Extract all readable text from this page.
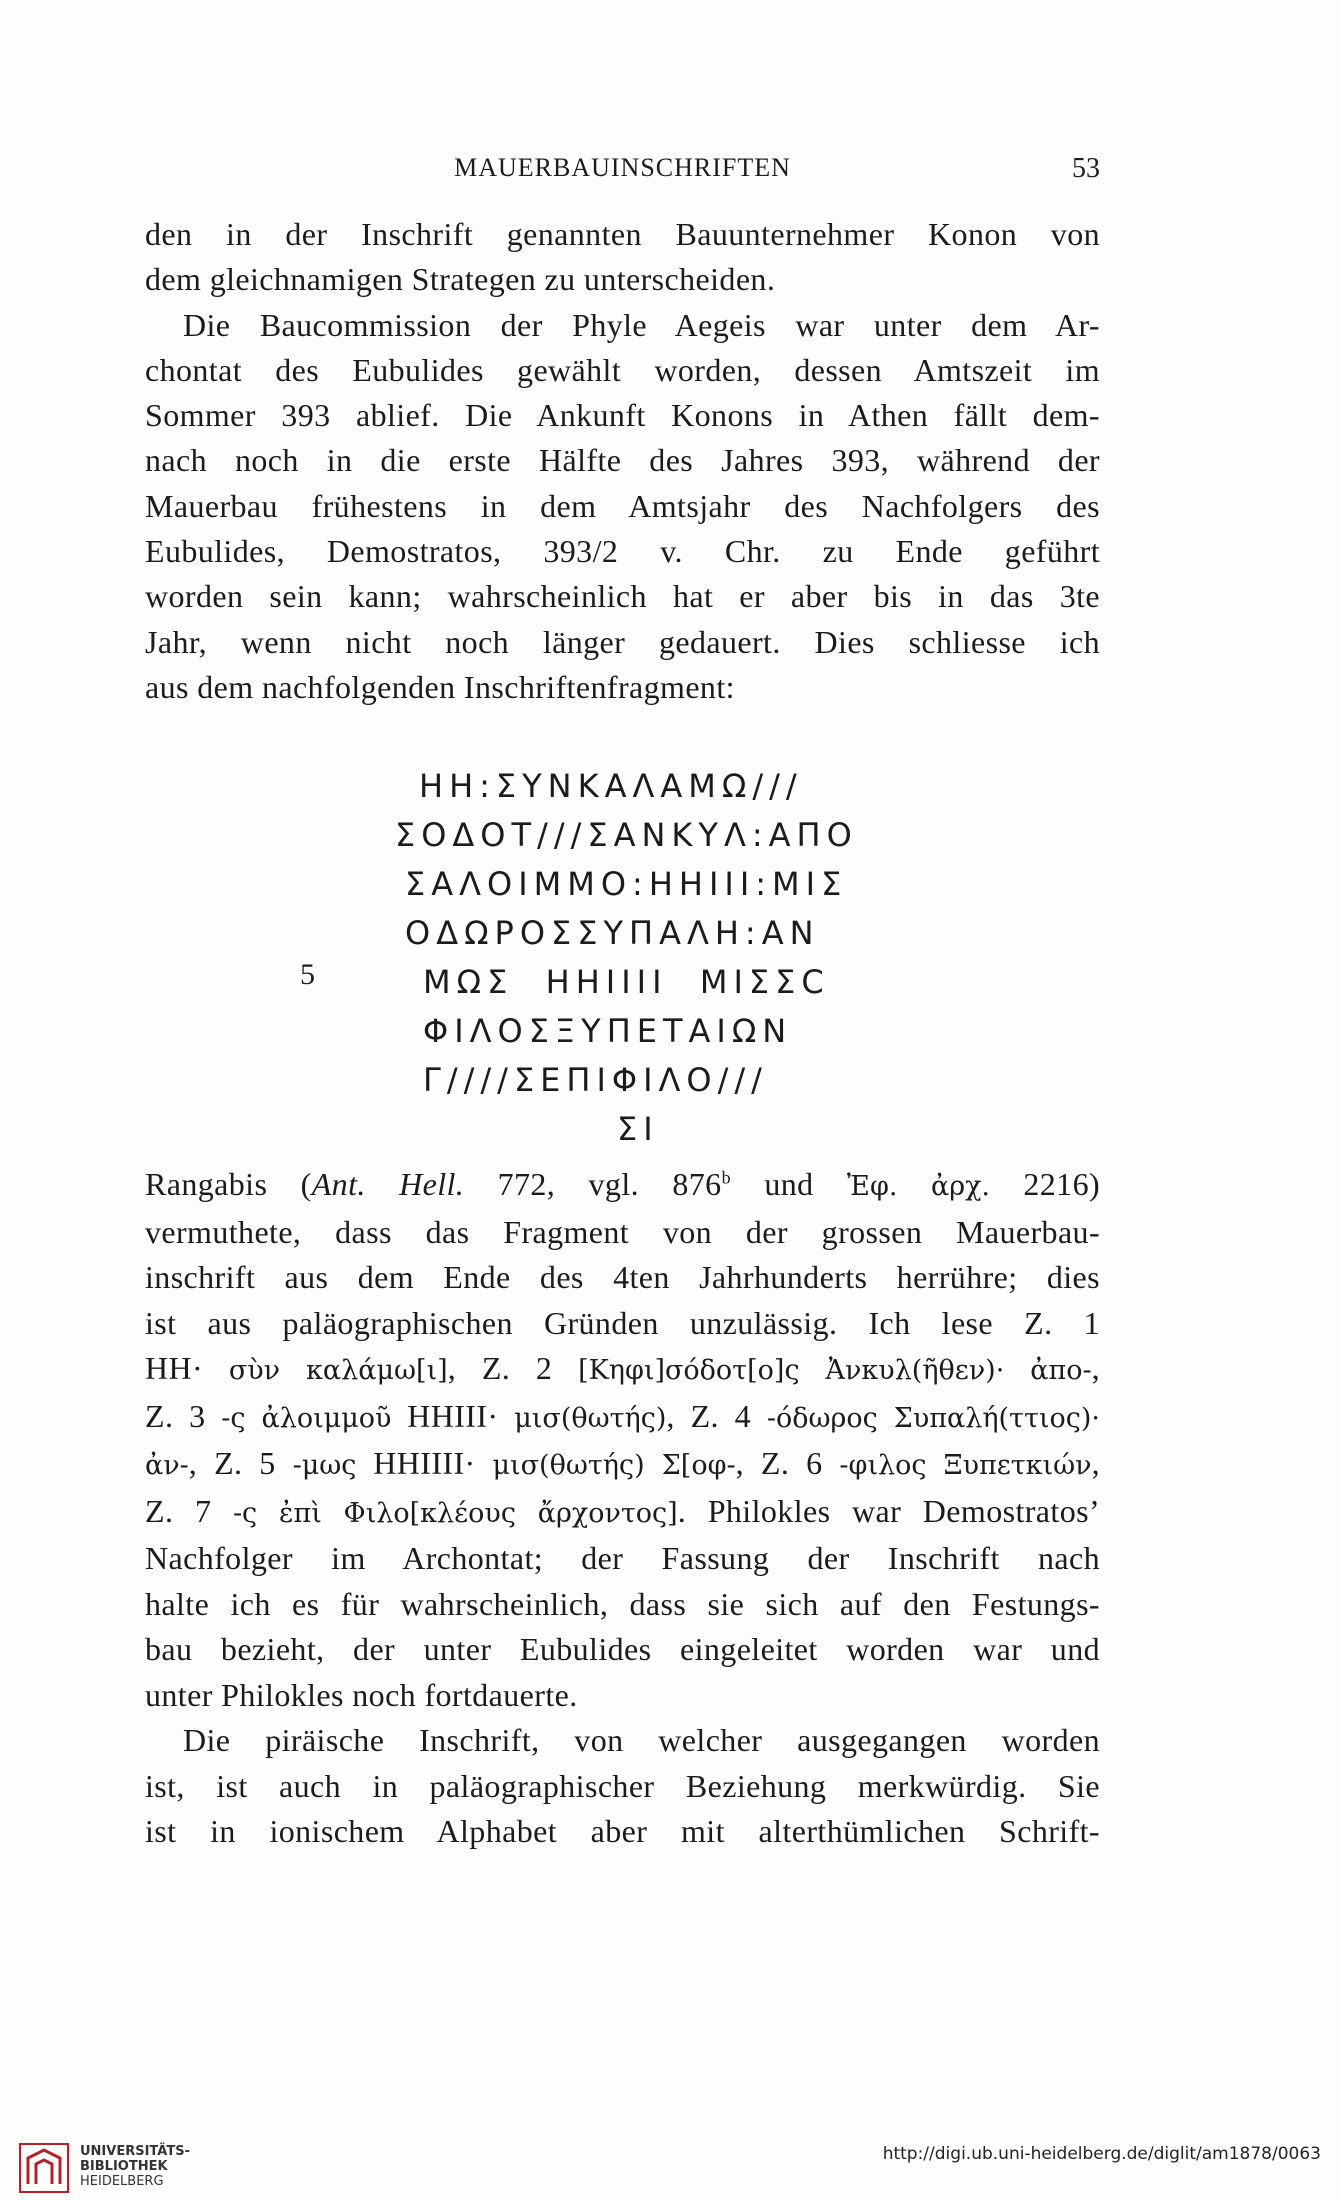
MAUERBAUINSCHRIFTEN	53
den in der Inschrift genannten Bauunternehmer Konon von
dem gleichnamigen Strategen zu unterscheiden.
Die Baucommission der Phyle Aegeis war unter dem Ar-
chontat des Eubulides gewählt worden, dessen Amtszeit im
Sommer 393 ablief. Die Ankunft Konons in Athen fällt dem-
nach noch in die erste Hälfte des Jahres 393, während der
Mauerbau frühestens in dem Amtsjahr des Nachfolgers des
Eubulides, Demostratos, 393/2 v. Chr. zu Ende geführt
worden sein kann; wahrscheinlich hat er aber bis in das 3te
Jahr, wenn nicht noch länger gedauert. Dies schliesse ich
aus dem nachfolgenden Inschriftenfragment:
ΗΗ:ΣΥΝΚΑΛΑΜΩ///
ΣΟΔΟΤ///ΣΑΝΚΥΛ:ΑΠΟ
ΣΑΛΟΙΜΜΟ:ΗΗΙΙΙ:ΜΙΣ
ΟΔΩΡΟΣΣΥΠΑΛΗ:ΑΝ
ΜΩΣ  ΗΗΙΙΙΙ  ΜΙΣΣC
ΦΙΛΟΣΞΥΠΕΤΑΙΩΝ
Γ////ΣΕΠΙΦΙΛΟ///
ΣΙ
5
Rangabis (Ant. Hell. 772, vgl. 876$^b$ und Ἐφ. ἀρχ. 2216)
vermuthete, dass das Fragment von der grossen Mauerbau-
inschrift aus dem Ende des 4ten Jahrhunderts herrühre; dies
ist aus paläographischen Gründen unzulässig. Ich lese Z. 1
ΗΗ· σὺν καλάμω[ι], Z. 2 [Κηφι]σόδοτ[ο]ς Ἀνκυλ(ῆθεν)· ἀπο-,
Z. 3 -ς ἀλοιμμοῦ ΗΗΙΙΙ· μισ(θωτής), Z. 4 -όδωρος Συπαλή(ττιος)·
ἀν-, Z. 5 -μως ΗΗΙΙΙΙ· μισ(θωτής) Σ[οφ-, Z. 6 -φιλος Ξυπετκιών,
Z. 7 -ς ἐπὶ Φιλο[κλέους ἄρχοντος]. Philokles war Demostratos’
Nachfolger im Archontat; der Fassung der Inschrift nach
halte ich es für wahrscheinlich, dass sie sich auf den Festungs-
bau bezieht, der unter Eubulides eingeleitet worden war und
unter Philokles noch fortdauerte.
Die piräische Inschrift, von welcher ausgegangen worden
ist, ist auch in paläographischer Beziehung merkwürdig. Sie
ist in ionischem Alphabet aber mit alterthümlichen Schrift-
UNIVERSITÄTS-
BIBLIOTHEK
HEIDELBERG
http://digi.ub.uni-heidelberg.de/diglit/am1878/0063
